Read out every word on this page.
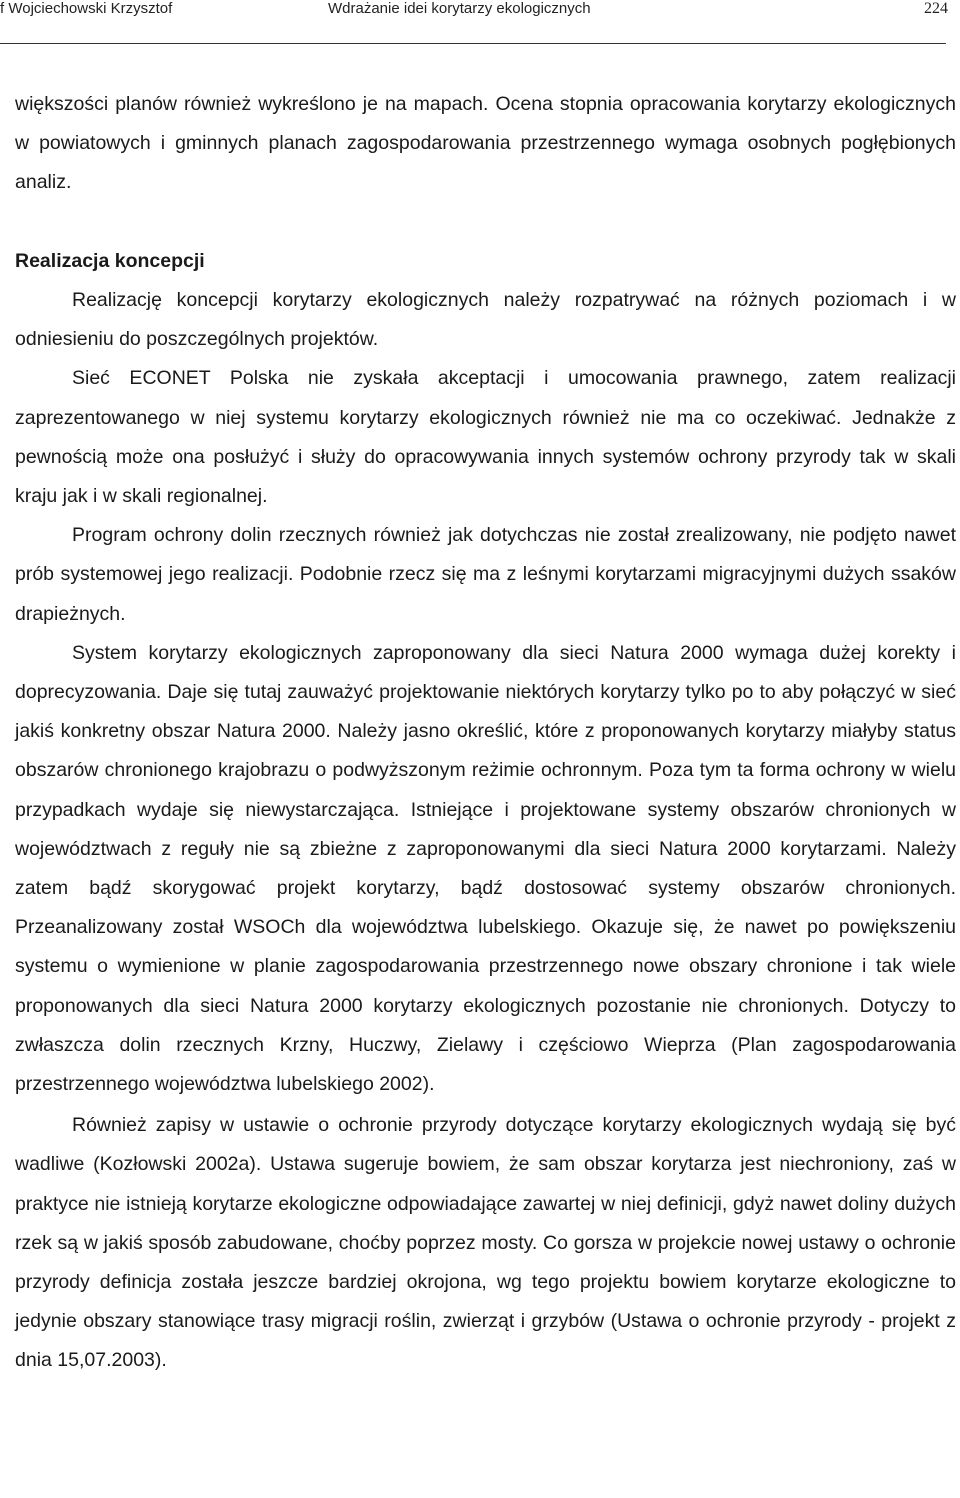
f Wojciechowski Krzysztof	Wdrażanie idei korytarzy ekologicznych	224

większości planów również wykreślono je na mapach. Ocena stopnia opracowania korytarzy ekologicznych w powiatowych i gminnych planach zagospodarowania przestrzennego wymaga osobnych pogłębionych analiz.

Realizacja koncepcji

Realizację koncepcji korytarzy ekologicznych należy rozpatrywać na różnych poziomach i w odniesieniu do poszczególnych projektów.

Sieć ECONET Polska nie zyskała akceptacji i umocowania prawnego, zatem realizacji zaprezentowanego w niej systemu korytarzy ekologicznych również nie ma co oczekiwać. Jednakże z pewnością może ona posłużyć i służy do opracowywania innych systemów ochrony przyrody tak w skali kraju jak i w skali regionalnej.

Program ochrony dolin rzecznych również jak dotychczas nie został zrealizowany, nie podjęto nawet prób systemowej jego realizacji. Podobnie rzecz się ma z leśnymi korytarzami migracyjnymi dużych ssaków drapieżnych.

System korytarzy ekologicznych zaproponowany dla sieci Natura 2000 wymaga dużej korekty i doprecyzowania. Daje się tutaj zauważyć projektowanie niektórych korytarzy tylko po to aby połączyć w sieć jakiś konkretny obszar Natura 2000. Należy jasno określić, które z proponowanych korytarzy miałyby status obszarów chronionego krajobrazu o podwyższonym reżimie ochronnym. Poza tym ta forma ochrony w wielu przypadkach wydaje się niewystarczająca. Istniejące i projektowane systemy obszarów chronionych w województwach z reguły nie są zbieżne z zaproponowanymi dla sieci Natura 2000 korytarzami. Należy zatem bądź skorygować projekt korytarzy, bądź dostosować systemy obszarów chronionych. Przeanalizowany został WSOCh dla województwa lubelskiego. Okazuje się, że nawet po powiększeniu systemu o wymienione w planie zagospodarowania przestrzennego nowe obszary chronione i tak wiele proponowanych dla sieci Natura 2000 korytarzy ekologicznych pozostanie nie chronionych. Dotyczy to zwłaszcza dolin rzecznych Krzny, Huczwy, Zielawy i częściowo Wieprza (Plan zagospodarowania przestrzennego województwa lubelskiego 2002).

Również zapisy w ustawie o ochronie przyrody dotyczące korytarzy ekologicznych wydają się być wadliwe (Kozłowski 2002a). Ustawa sugeruje bowiem, że sam obszar korytarza jest niechroniony, zaś w praktyce nie istnieją korytarze ekologiczne odpowiadające zawartej w niej definicji, gdyż nawet doliny dużych rzek są w jakiś sposób zabudowane, choćby poprzez mosty. Co gorsza w projekcie nowej ustawy o ochronie przyrody definicja została jeszcze bardziej okrojona, wg tego projektu bowiem korytarze ekologiczne to jedynie obszary stanowiące trasy migracji roślin, zwierząt i grzybów (Ustawa o ochronie przyrody - projekt z dnia 15,07.2003).
